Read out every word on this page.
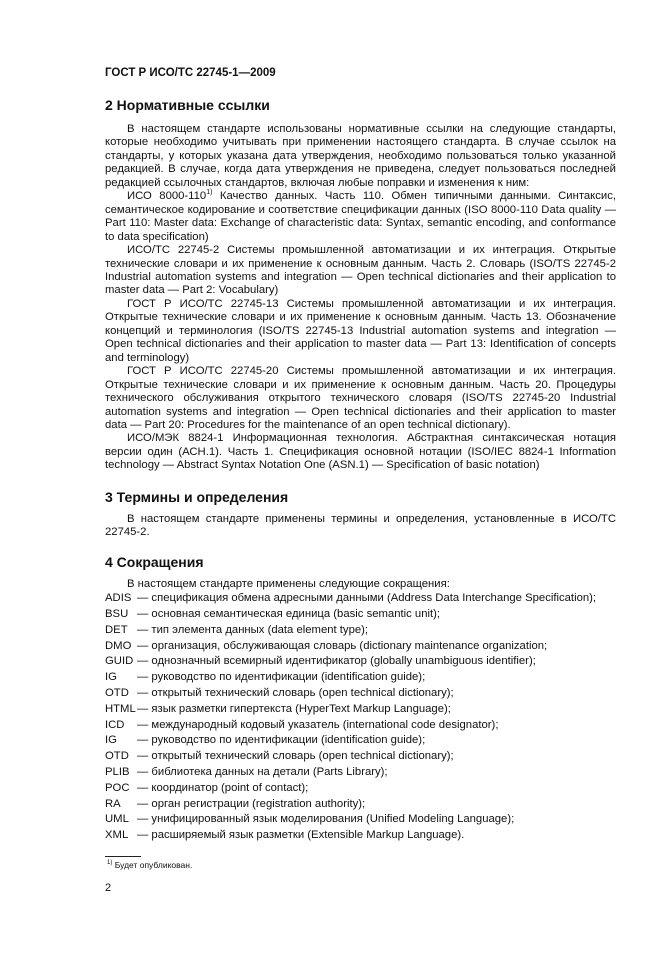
ГОСТ Р ИСО/ТС 22745-1—2009
2 Нормативные ссылки

В настоящем стандарте использованы нормативные ссылки на следующие стандарты, которые необходимо учитывать при применении настоящего стандарта. В случае ссылок на стандарты, у которых указана дата утверждения, необходимо пользоваться только указанной редакцией. В случае, когда дата утверждения не приведена, следует пользоваться последней редакцией ссылочных стандартов, включая любые поправки и изменения к ним:

ИСО 8000-110$^{1)}$ Качество данных. Часть 110. Обмен типичными данными. Синтаксис, семантическое кодирование и соответствие спецификации данных (ISO 8000-110 Data quality — Part 110: Master data: Exchange of characteristic data: Syntax, semantic encoding, and conformance to data specification)

ИСО/ТС 22745-2 Системы промышленной автоматизации и их интеграция. Открытые технические словари и их применение к основным данным. Часть 2. Словарь (ISO/TS 22745-2 Industrial automation systems and integration — Open technical dictionaries and their application to master data — Part 2: Vocabulary)

ГОСТ Р ИСО/ТС 22745-13 Системы промышленной автоматизации и их интеграция. Открытые технические словари и их применение к основным данным. Часть 13. Обозначение концепций и терминология (ISO/TS 22745-13 Industrial automation systems and integration — Open technical dictionaries and their application to master data — Part 13: Identification of concepts and terminology)

ГОСТ Р ИСО/ТС 22745-20 Системы промышленной автоматизации и их интеграция. Открытые технические словари и их применение к основным данным. Часть 20. Процедуры технического обслуживания открытого технического словаря (ISO/TS 22745-20 Industrial automation systems and integration — Open technical dictionaries and their application to master data — Part 20: Procedures for the maintenance of an open technical dictionary).

ИСО/МЭК 8824-1 Информационная технология. Абстрактная синтаксическая нотация версии один (АСН.1). Часть 1. Спецификация основной нотации (ISO/IEC 8824-1 Information technology — Abstract Syntax Notation One (ASN.1) — Specification of basic notation)

3 Термины и определения

В настоящем стандарте применены термины и определения, установленные в ИСО/ТС 22745-2.

4 Сокращения

В настоящем стандарте применены следующие сокращения:

ADIS — спецификация обмена адресными данными (Address Data Interchange Specification);
BSU — основная семантическая единица (basic semantic unit);
DET — тип элемента данных (data element type);
DMO — организация, обслуживающая словарь (dictionary maintenance organization;
GUID — однозначный всемирный идентификатор (globally unambiguous identifier);
IG	— руководство по идентификации (identification guide);
OTD — открытый технический словарь (open technical dictionary);
HTML — язык разметки гипертекста (HyperText Markup Language);
ICD	— международный кодовый указатель (international code designator);
IG	— руководство по идентификации (identification guide);
OTD — открытый технический словарь (open technical dictionary);
PLIB — библиотека данных на детали (Parts Library);
POC — координатор (point of contact);
RA	— орган регистрации (registration authority);
UML — унифицированный язык моделирования (Unified Modeling Language);
XML — расширяемый язык разметки (Extensible Markup Language).
$^{1)}$ Будет опубликован.
2
